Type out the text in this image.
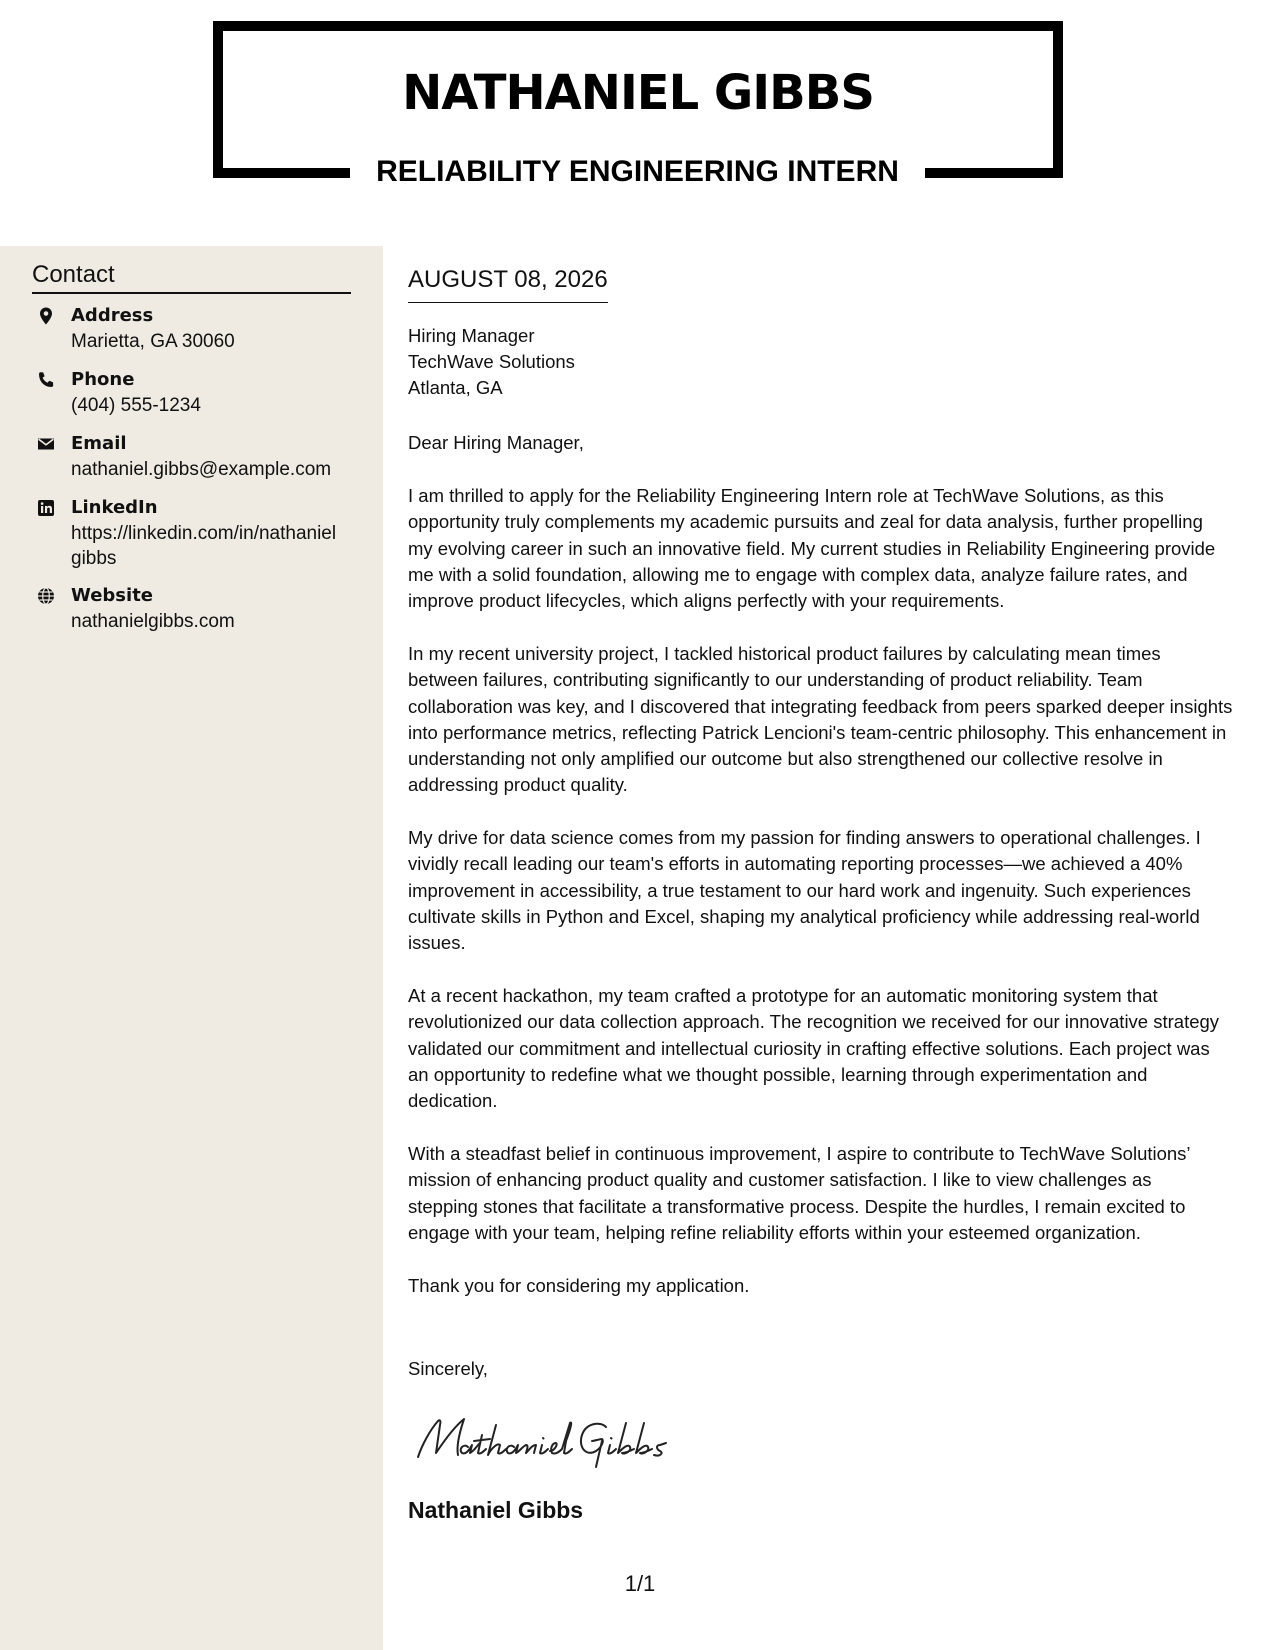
NATHANIEL GIBBS
RELIABILITY ENGINEERING INTERN
Contact
Address
Marietta, GA 30060
Phone
(404) 555-1234
Email
nathaniel.gibbs@example.com
LinkedIn
https://linkedin.com/in/nathaniel
gibbs
Website
nathanielgibbs.com
AUGUST 08, 2026
Hiring Manager
TechWave Solutions
Atlanta, GA
Dear Hiring Manager,

I am thrilled to apply for the Reliability Engineering Intern role at TechWave Solutions, as this
opportunity truly complements my academic pursuits and zeal for data analysis, further propelling
my evolving career in such an innovative field. My current studies in Reliability Engineering provide
me with a solid foundation, allowing me to engage with complex data, analyze failure rates, and
improve product lifecycles, which aligns perfectly with your requirements.

In my recent university project, I tackled historical product failures by calculating mean times
between failures, contributing significantly to our understanding of product reliability. Team
collaboration was key, and I discovered that integrating feedback from peers sparked deeper insights
into performance metrics, reflecting Patrick Lencioni's team-centric philosophy. This enhancement in
understanding not only amplified our outcome but also strengthened our collective resolve in
addressing product quality.

My drive for data science comes from my passion for finding answers to operational challenges. I
vividly recall leading our team's efforts in automating reporting processes—we achieved a 40%
improvement in accessibility, a true testament to our hard work and ingenuity. Such experiences
cultivate skills in Python and Excel, shaping my analytical proficiency while addressing real-world
issues.

At a recent hackathon, my team crafted a prototype for an automatic monitoring system that
revolutionized our data collection approach. The recognition we received for our innovative strategy
validated our commitment and intellectual curiosity in crafting effective solutions. Each project was
an opportunity to redefine what we thought possible, learning through experimentation and
dedication.

With a steadfast belief in continuous improvement, I aspire to contribute to TechWave Solutions’
mission of enhancing product quality and customer satisfaction. I like to view challenges as
stepping stones that facilitate a transformative process. Despite the hurdles, I remain excited to
engage with your team, helping refine reliability efforts within your esteemed organization.

Thank you for considering my application.

Sincerely,
Nathaniel Gibbs
1/1
